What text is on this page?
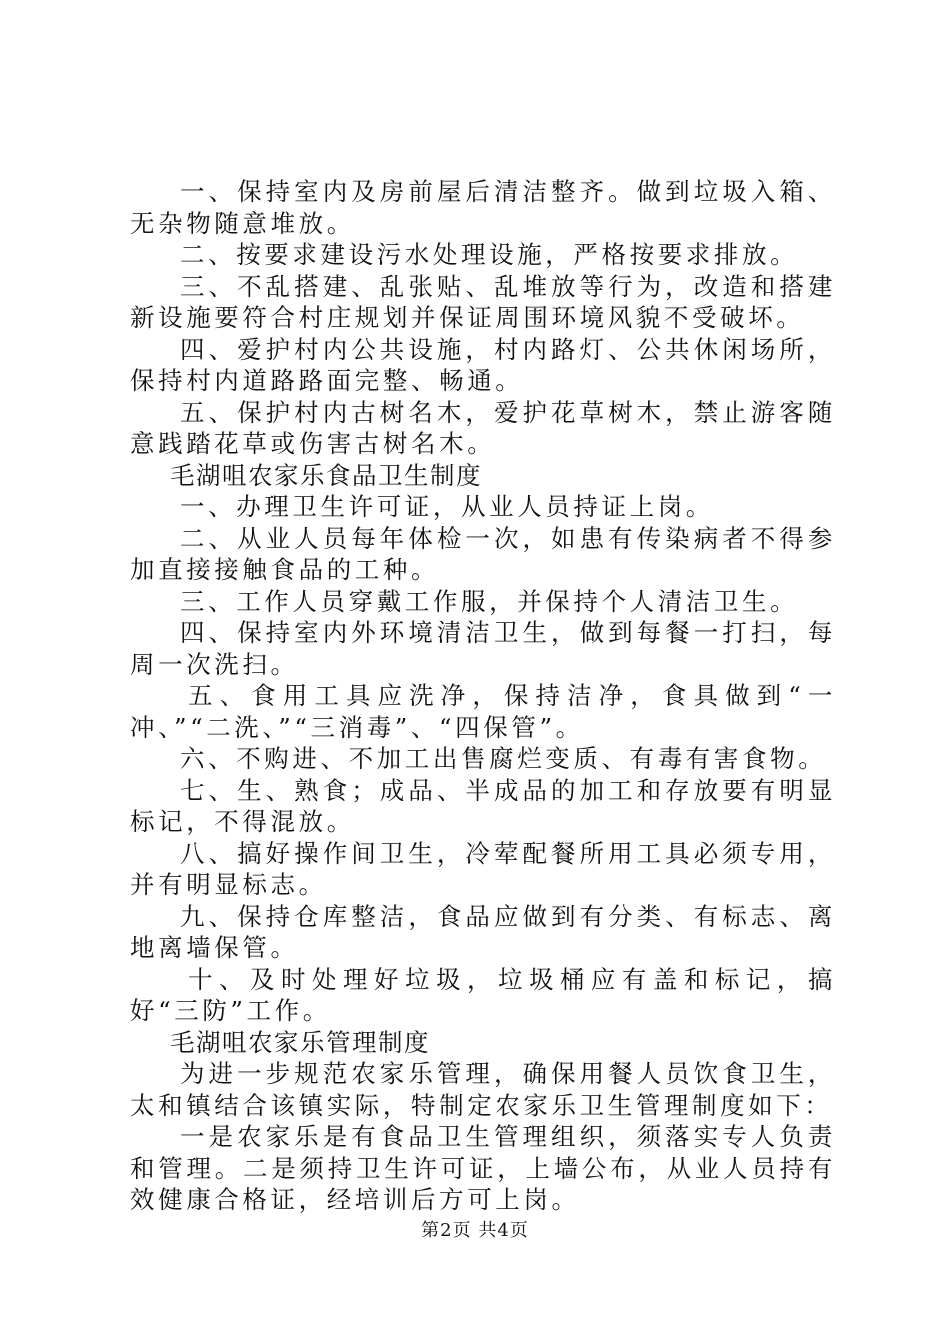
一、保持室内及房前屋后清洁整齐。做到垃圾入箱、无杂物随意堆放。

二、按要求建设污水处理设施，严格按要求排放。

三、不乱搭建、乱张贴、乱堆放等行为，改造和搭建新设施要符合村庄规划并保证周围环境风貌不受破坏。

四、爱护村内公共设施，村内路灯、公共休闲场所，保持村内道路路面完整、畅通。

五、保护村内古树名木，爱护花草树木，禁止游客随意践踏花草或伤害古树名木。

毛湖咀农家乐食品卫生制度

一、办理卫生许可证，从业人员持证上岗。

二、从业人员每年体检一次，如患有传染病者不得参加直接接触食品的工种。

三、工作人员穿戴工作服，并保持个人清洁卫生。

四、保持室内外环境清洁卫生，做到每餐一打扫，每周一次洗扫。

五、食用工具应洗净，保持洁净，食具做到“一冲、”“二洗、”“三消毒”、“四保管”。

六、不购进、不加工出售腐烂变质、有毒有害食物。

七、生、熟食；成品、半成品的加工和存放要有明显标记，不得混放。

八、搞好操作间卫生，冷荤配餐所用工具必须专用，并有明显标志。

九、保持仓库整洁，食品应做到有分类、有标志、离地离墙保管。

十、及时处理好垃圾，垃圾桶应有盖和标记，搞好“三防”工作。

毛湖咀农家乐管理制度

为进一步规范农家乐管理，确保用餐人员饮食卫生，太和镇结合该镇实际，特制定农家乐卫生管理制度如下：

一是农家乐是有食品卫生管理组织，须落实专人负责和管理。二是须持卫生许可证，上墙公布，从业人员持有效健康合格证，经培训后方可上岗。

第2页 共4页
